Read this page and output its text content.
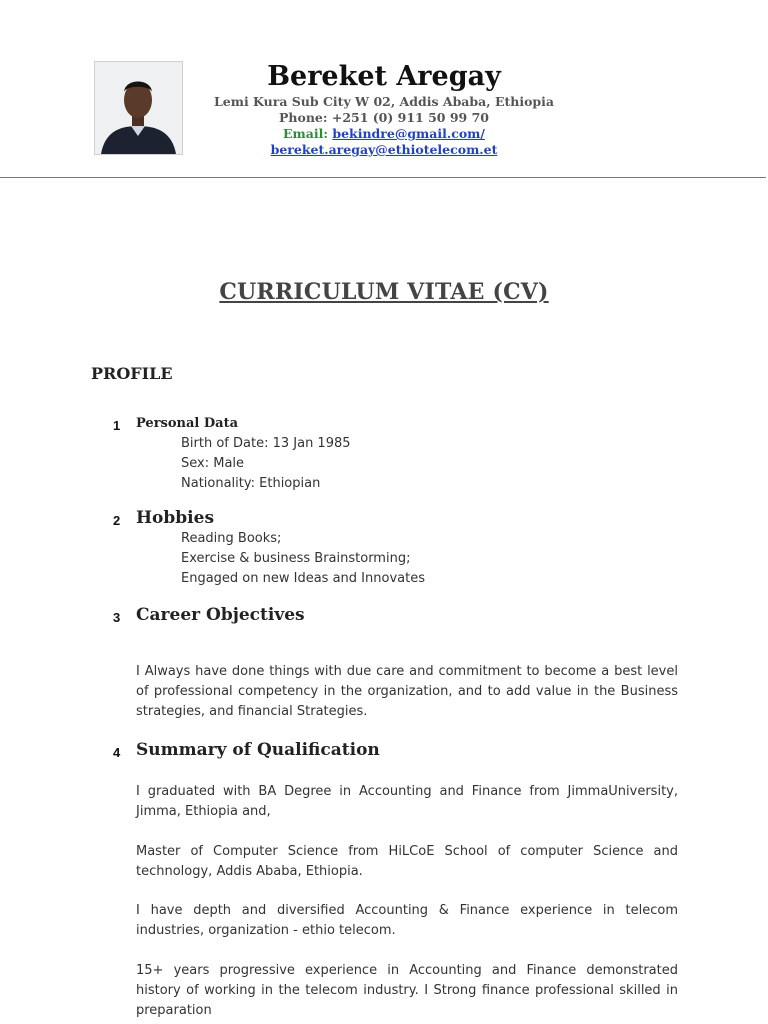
Bereket Aregay
Lemi Kura Sub City W 02, Addis Ababa, Ethiopia
Phone: +251 (0) 911 50 99 70
Email: bekindre@gmail.com/
bereket.aregay@ethiotelecom.et
CURRICULUM VITAE (CV)
PROFILE
1 Personal Data
Birth of Date: 13 Jan 1985
Sex: Male
Nationality: Ethiopian
2 Hobbies
Reading Books;
Exercise & business Brainstorming;
Engaged on new Ideas and Innovates
3 Career Objectives
I Always have done things with due care and commitment to become a best level of professional competency in the organization, and to add value in the Business strategies, and financial Strategies.
4 Summary of Qualification
I graduated with BA Degree in Accounting and Finance from JimmaUniversity, Jimma, Ethiopia and,
Master of Computer Science from HiLCoE School of computer Science and technology, Addis Ababa, Ethiopia.
I have depth and diversified Accounting & Finance experience in telecom industries, organization - ethio telecom.
15+ years progressive experience in Accounting and Finance demonstrated history of working in the telecom industry. I Strong finance professional skilled in preparation
